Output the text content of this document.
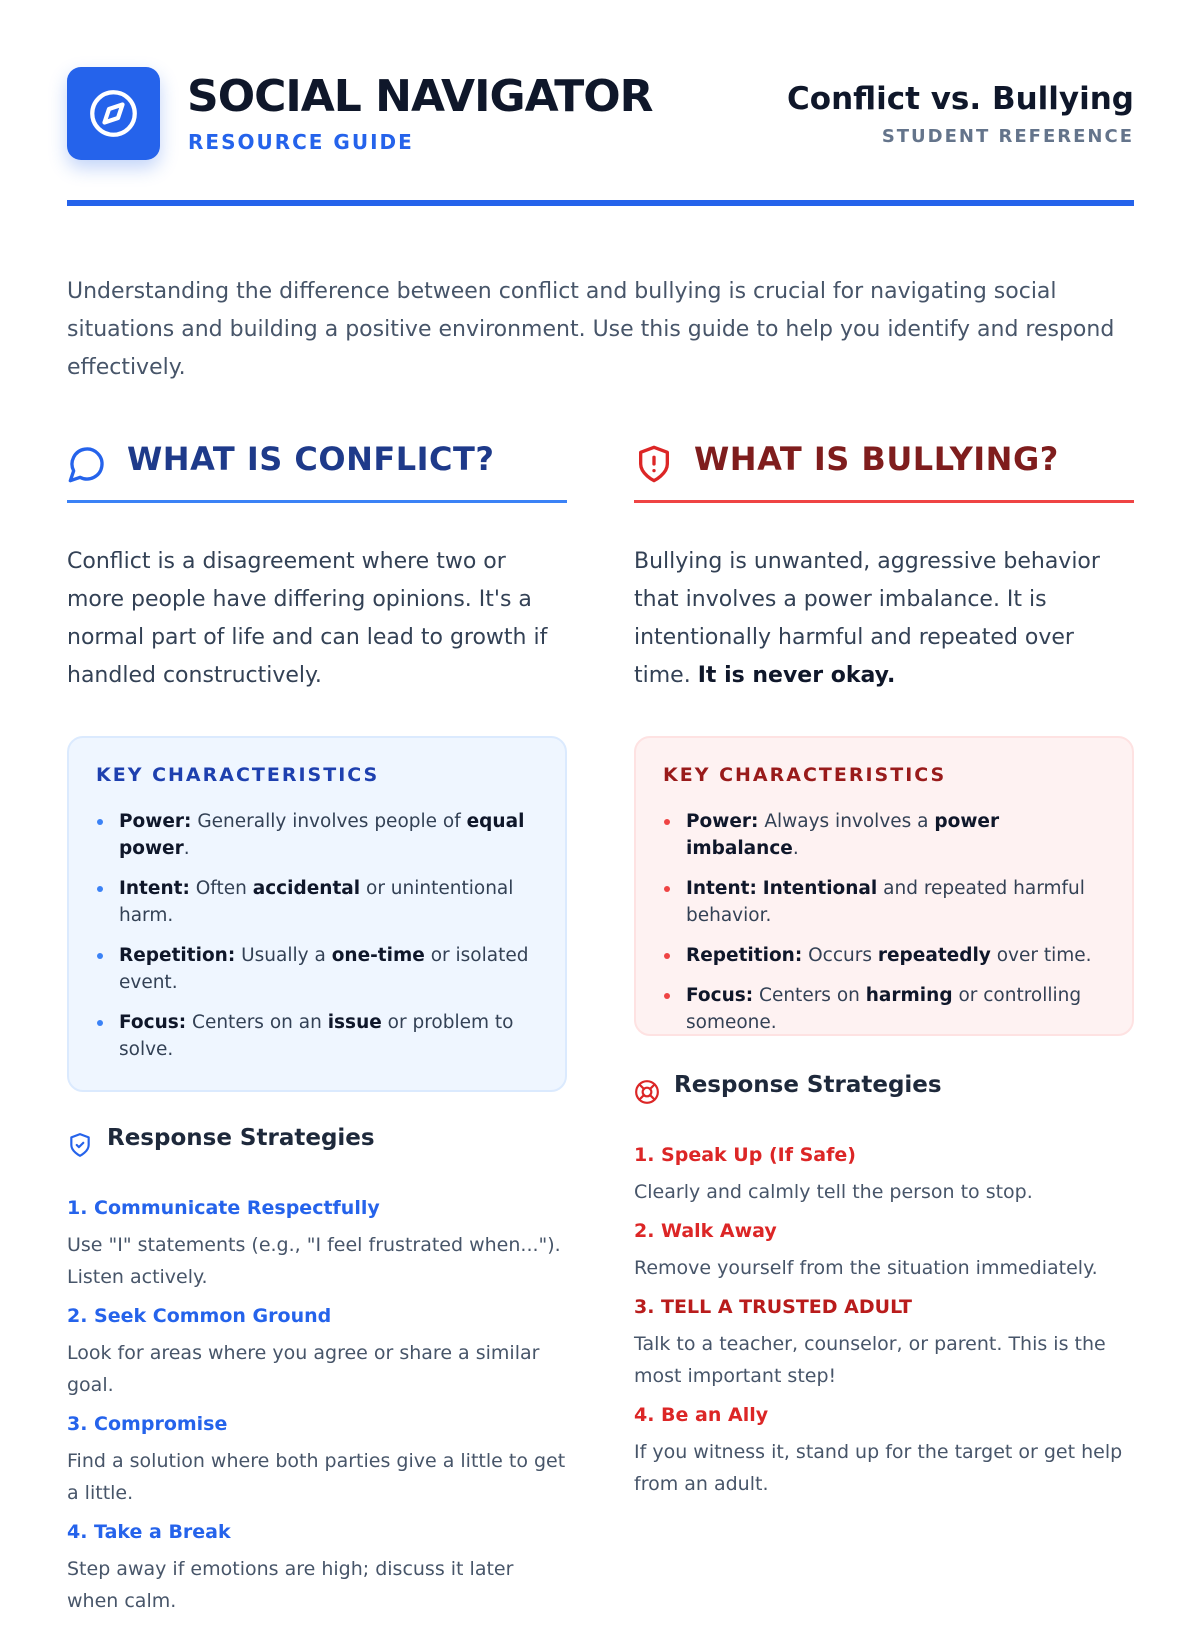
SOCIAL NAVIGATOR
RESOURCE GUIDE
Conflict vs. Bullying
STUDENT REFERENCE

Understanding the difference between conflict and bullying is crucial for navigating social situations and building a positive environment. Use this guide to help you identify and respond effectively.

WHAT IS CONFLICT?

Conflict is a disagreement where two or more people have differing opinions. It's a normal part of life and can lead to growth if handled constructively.

KEY CHARACTERISTICS
Power: Generally involves people of equal power.
Intent: Often accidental or unintentional harm.
Repetition: Usually a one-time or isolated event.
Focus: Centers on an issue or problem to solve.
Response Strategies
1. Communicate Respectfully
Use "I" statements (e.g., "I feel frustrated when..."). Listen actively.
2. Seek Common Ground
Look for areas where you agree or share a similar goal.
3. Compromise
Find a solution where both parties give a little to get a little.
4. Take a Break
Step away if emotions are high; discuss it later when calm.
WHAT IS BULLYING?

Bullying is unwanted, aggressive behavior that involves a power imbalance. It is intentionally harmful and repeated over time. It is never okay.

KEY CHARACTERISTICS
Power: Always involves a power imbalance.
Intent: Intentional and repeated harmful behavior.
Repetition: Occurs repeatedly over time.
Focus: Centers on harming or controlling someone.
Response Strategies
1. Speak Up (If Safe)
Clearly and calmly tell the person to stop.
2. Walk Away
Remove yourself from the situation immediately.
3. TELL A TRUSTED ADULT
Talk to a teacher, counselor, or parent. This is the most important step!
4. Be an Ally
If you witness it, stand up for the target or get help from an adult.
